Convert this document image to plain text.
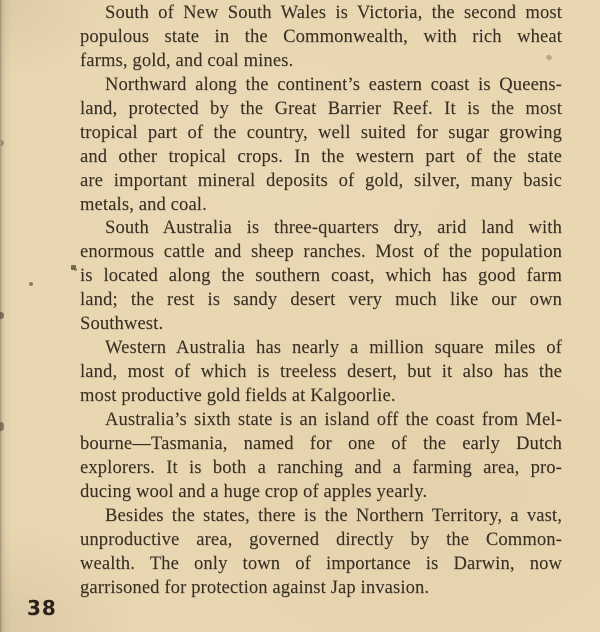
South of New South Wales is Victoria, the second most
populous state in the Commonwealth, with rich wheat
farms, gold, and coal mines.
Northward along the continent’s eastern coast is Queens-
land, protected by the Great Barrier Reef. It is the most
tropical part of the country, well suited for sugar growing
and other tropical crops. In the western part of the state
are important mineral deposits of gold, silver, many basic
metals, and coal.
South Australia is three-quarters dry, arid land with
enormous cattle and sheep ranches. Most of the population
is located along the southern coast, which has good farm
land; the rest is sandy desert very much like our own
Southwest.
Western Australia has nearly a million square miles of
land, most of which is treeless desert, but it also has the
most productive gold fields at Kalgoorlie.
Australia’s sixth state is an island off the coast from Mel-
bourne—Tasmania, named for one of the early Dutch
explorers. It is both a ranching and a farming area, pro-
ducing wool and a huge crop of apples yearly.
Besides the states, there is the Northern Territory, a vast,
unproductive area, governed directly by the Common-
wealth. The only town of importance is Darwin, now
garrisoned for protection against Jap invasion.
38
